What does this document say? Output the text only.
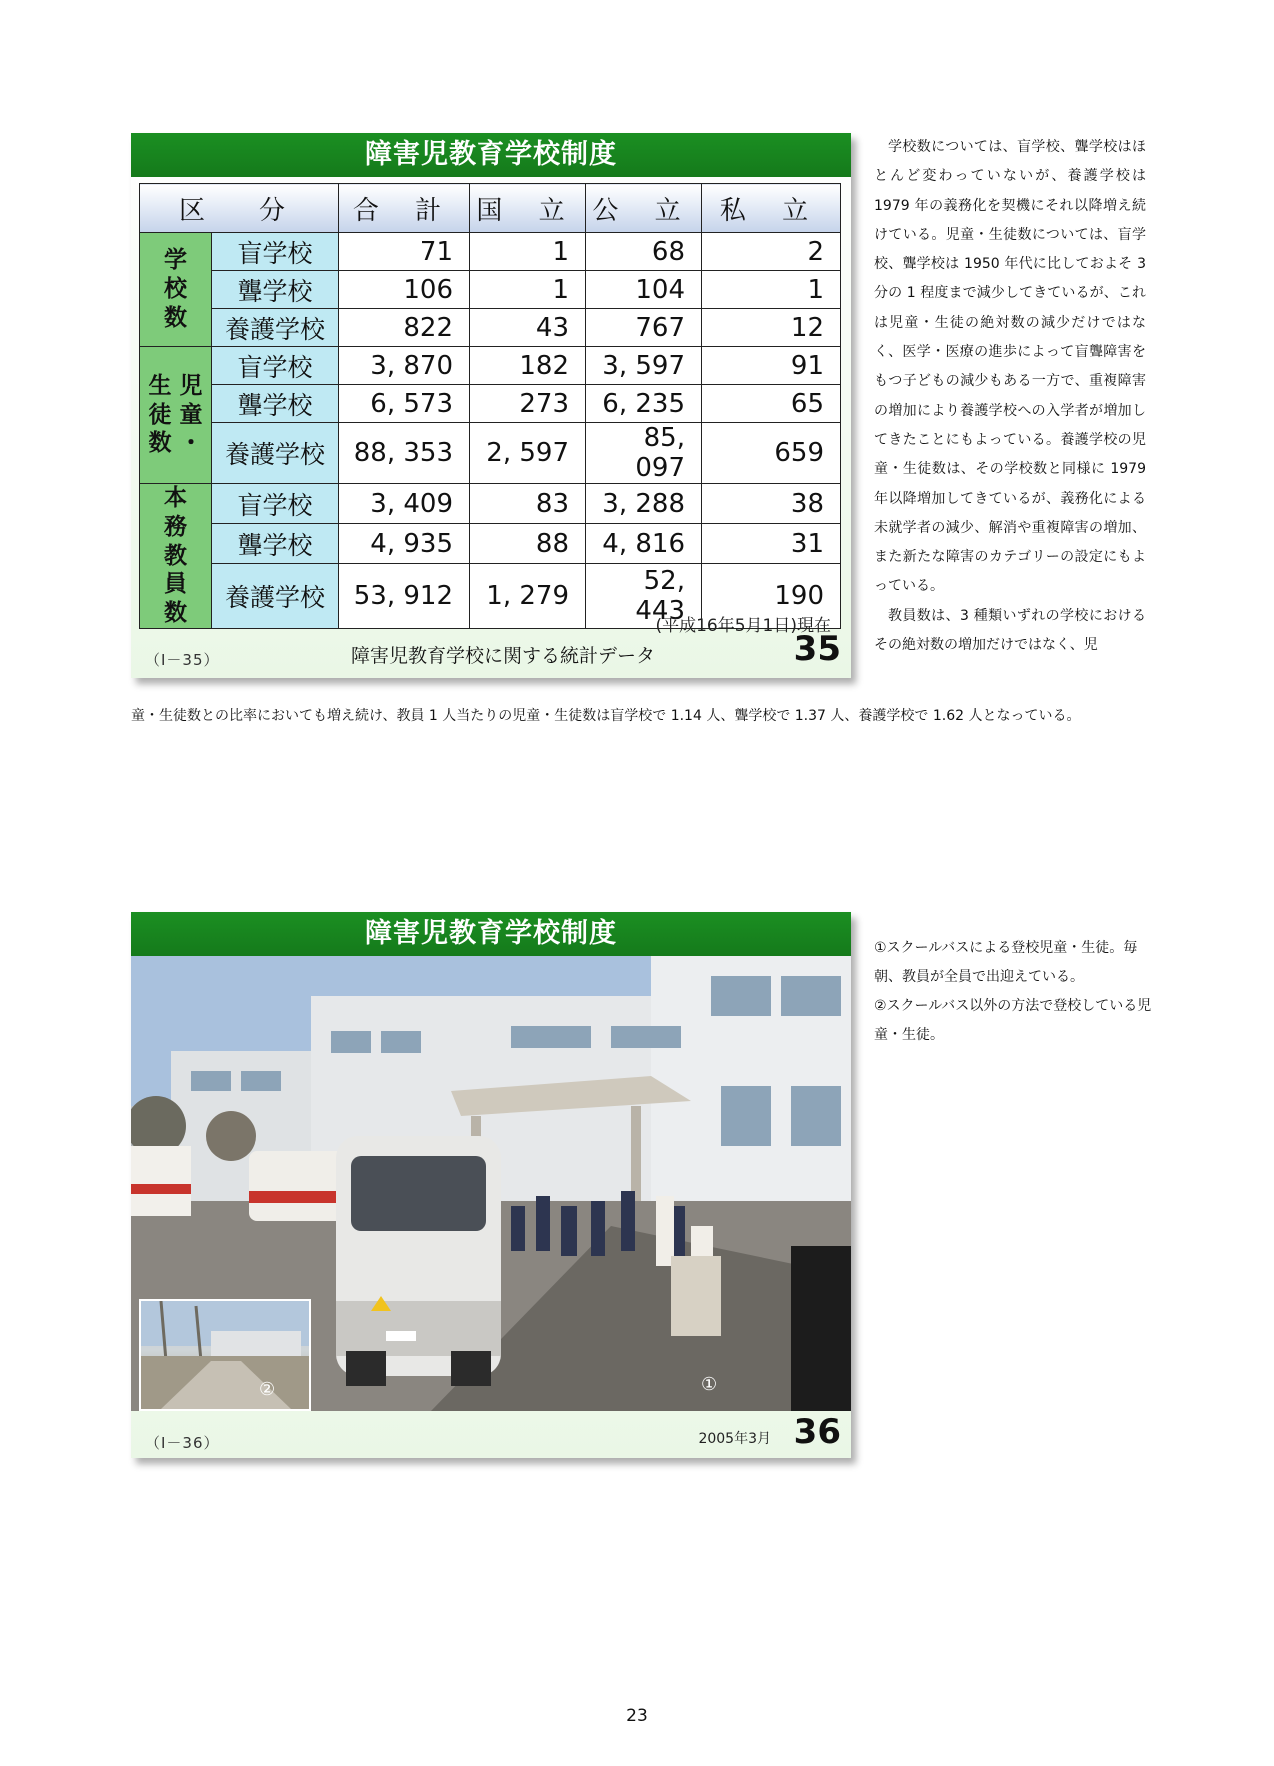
障害児教育学校制度
区　分		合 計	国 立	公 立	私 立
学
校
数	盲学校	71	1	68	2
	聾学校	106	1	104	1
	養護学校	822	43	767	12
生 児
徒 童
数 ・	盲学校	3, 870	182	3, 597	91
	聾学校	6, 573	273	6, 235	65
	養護学校	88, 353	2, 597	85, 097	659
本
務
教
員
数	盲学校	3, 409	83	3, 288	38
	聾学校	4, 935	88	4, 816	31
	養護学校	53, 912	1, 279	52, 443	190
(平成16年5月1日)現在
（Ⅰ－35）	障害児教育学校に関する統計データ	35

学校数については、盲学校、聾学校はほとんど変わっていないが、養護学校は 1979 年の義務化を契機にそれ以降増え続けている。児童・生徒数については、盲学校、聾学校は 1950 年代に比しておよそ 3 分の 1 程度まで減少してきているが、これは児童・生徒の絶対数の減少だけではなく、医学・医療の進歩によって盲聾障害をもつ子どもの減少もある一方で、重複障害の増加により養護学校への入学者が増加してきたことにもよっている。養護学校の児童・生徒数は、その学校数と同様に 1979 年以降増加してきているが、義務化による未就学者の減少、解消や重複障害の増加、また新たな障害のカテゴリーの設定にもよっている。

教員数は、3 種類いずれの学校におけるその絶対数の増加だけではなく、児

童・生徒数との比率においても増え続け、教員 1 人当たりの児童・生徒数は盲学校で 1.14 人、聾学校で 1.37 人、養護学校で 1.62 人となっている。
障害児教育学校制度
②	①
（Ⅰ－36）	2005年3月 36

①スクールバスによる登校児童・生徒。毎朝、教員が全員で出迎えている。

②スクールバス以外の方法で登校している児童・生徒。

23
